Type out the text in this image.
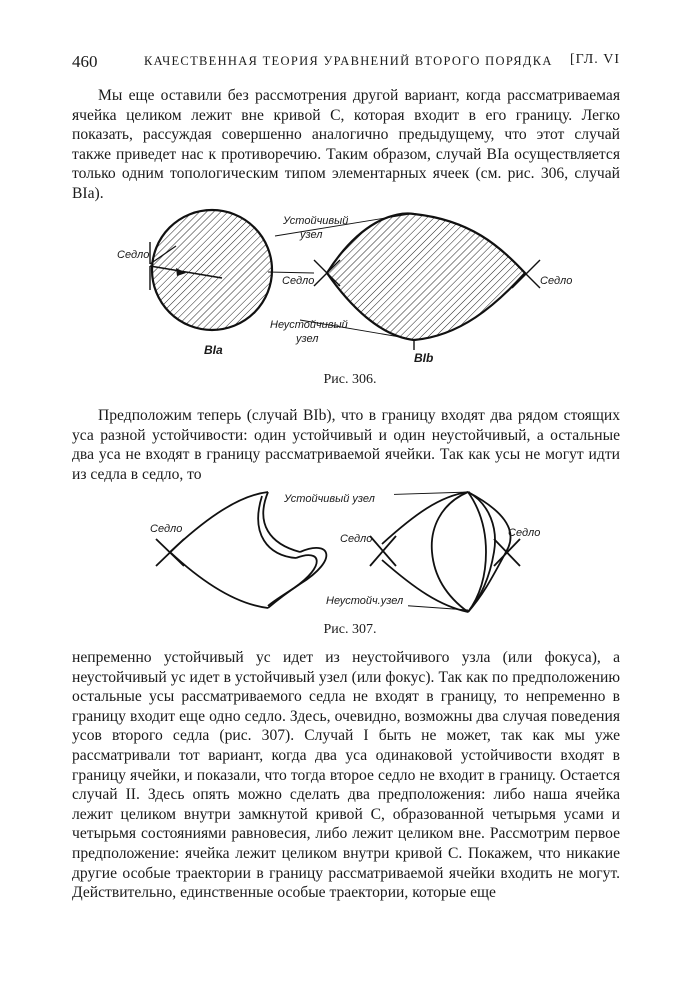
460	КАЧЕСТВЕННАЯ ТЕОРИЯ УРАВНЕНИЙ ВТОРОГО ПОРЯДКА [ГЛ. VI

Мы еще оставили без рассмотрения другой вариант, когда рассматриваемая ячейка целиком лежит вне кривой C, которая входит в его границу. Легко показать, рассуждая совершенно аналогично предыдущему, что этот случай также приведет нас к противоречию. Таким образом, случай BIa осуществляется только одним топологическим типом элементарных ячеек (см. рис. 306, случай BIa).

Седло
BIa
Устойчивый
узел
Седло	Седло
Неустойчивый
узел
BIb
Рис. 306.

Предположим теперь (случай BIb), что в границу входят два рядом стоящих уса разной устойчивости: один устойчивый и один неустойчивый, а остальные два уса не входят в границу рассматриваемой ячейки. Так как усы не могут идти из седла в седло, то

Седло
Седло	Седло
Устойчивый узел
Неустойч.узел
Рис. 307.

непременно устойчивый ус идет из неустойчивого узла (или фокуса), а неустойчивый ус идет в устойчивый узел (или фокус). Так как по предположению остальные усы рассматриваемого седла не входят в границу, то непременно в границу входит еще одно седло. Здесь, очевидно, возможны два случая поведения усов второго седла (рис. 307). Случай I быть не может, так как мы уже рассматривали тот вариант, когда два уса одинаковой устойчивости входят в границу ячейки, и показали, что тогда второе седло не входит в границу. Остается случай II. Здесь опять можно сделать два предположения: либо наша ячейка лежит целиком внутри замкнутой кривой C, образованной четырьмя усами и четырьмя состояниями равновесия, либо лежит целиком вне. Рассмотрим первое предположение: ячейка лежит целиком внутри кривой C. Покажем, что никакие другие особые траектории в границу рассматриваемой ячейки входить не могут. Действительно, единственные особые траектории, которые еще
